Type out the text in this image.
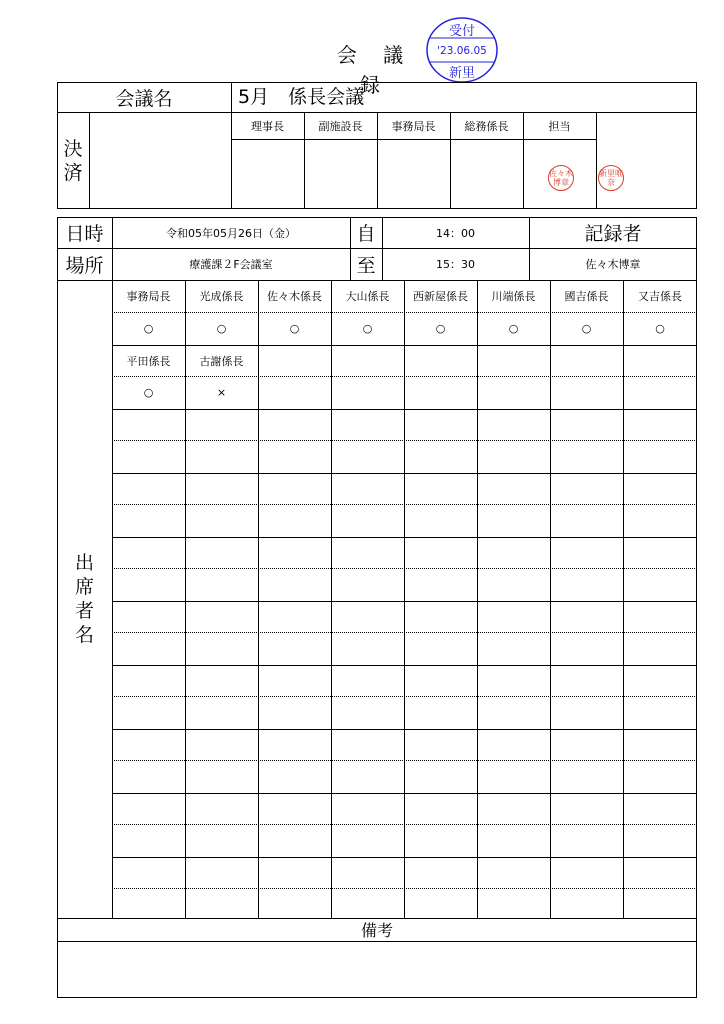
会 議 録
受付
'23.06.05
新里
会議名	5月　係長会議
決済
理事長	副施設長	事務局長	総務係長	担当
佐々木博章
新里唯奈
日時	令和05年05月26日（金）	自	14：00	記録者
場所	療護課２F会議室	至	15：30	佐々木博章
出席者名
事務局長	光成係長	佐々木係長	大山係長	西新屋係長	川端係長	國吉係長	又吉係長
○	○	○	○	○	○	○	○
平田係長	古謝係長
○	×
備考
